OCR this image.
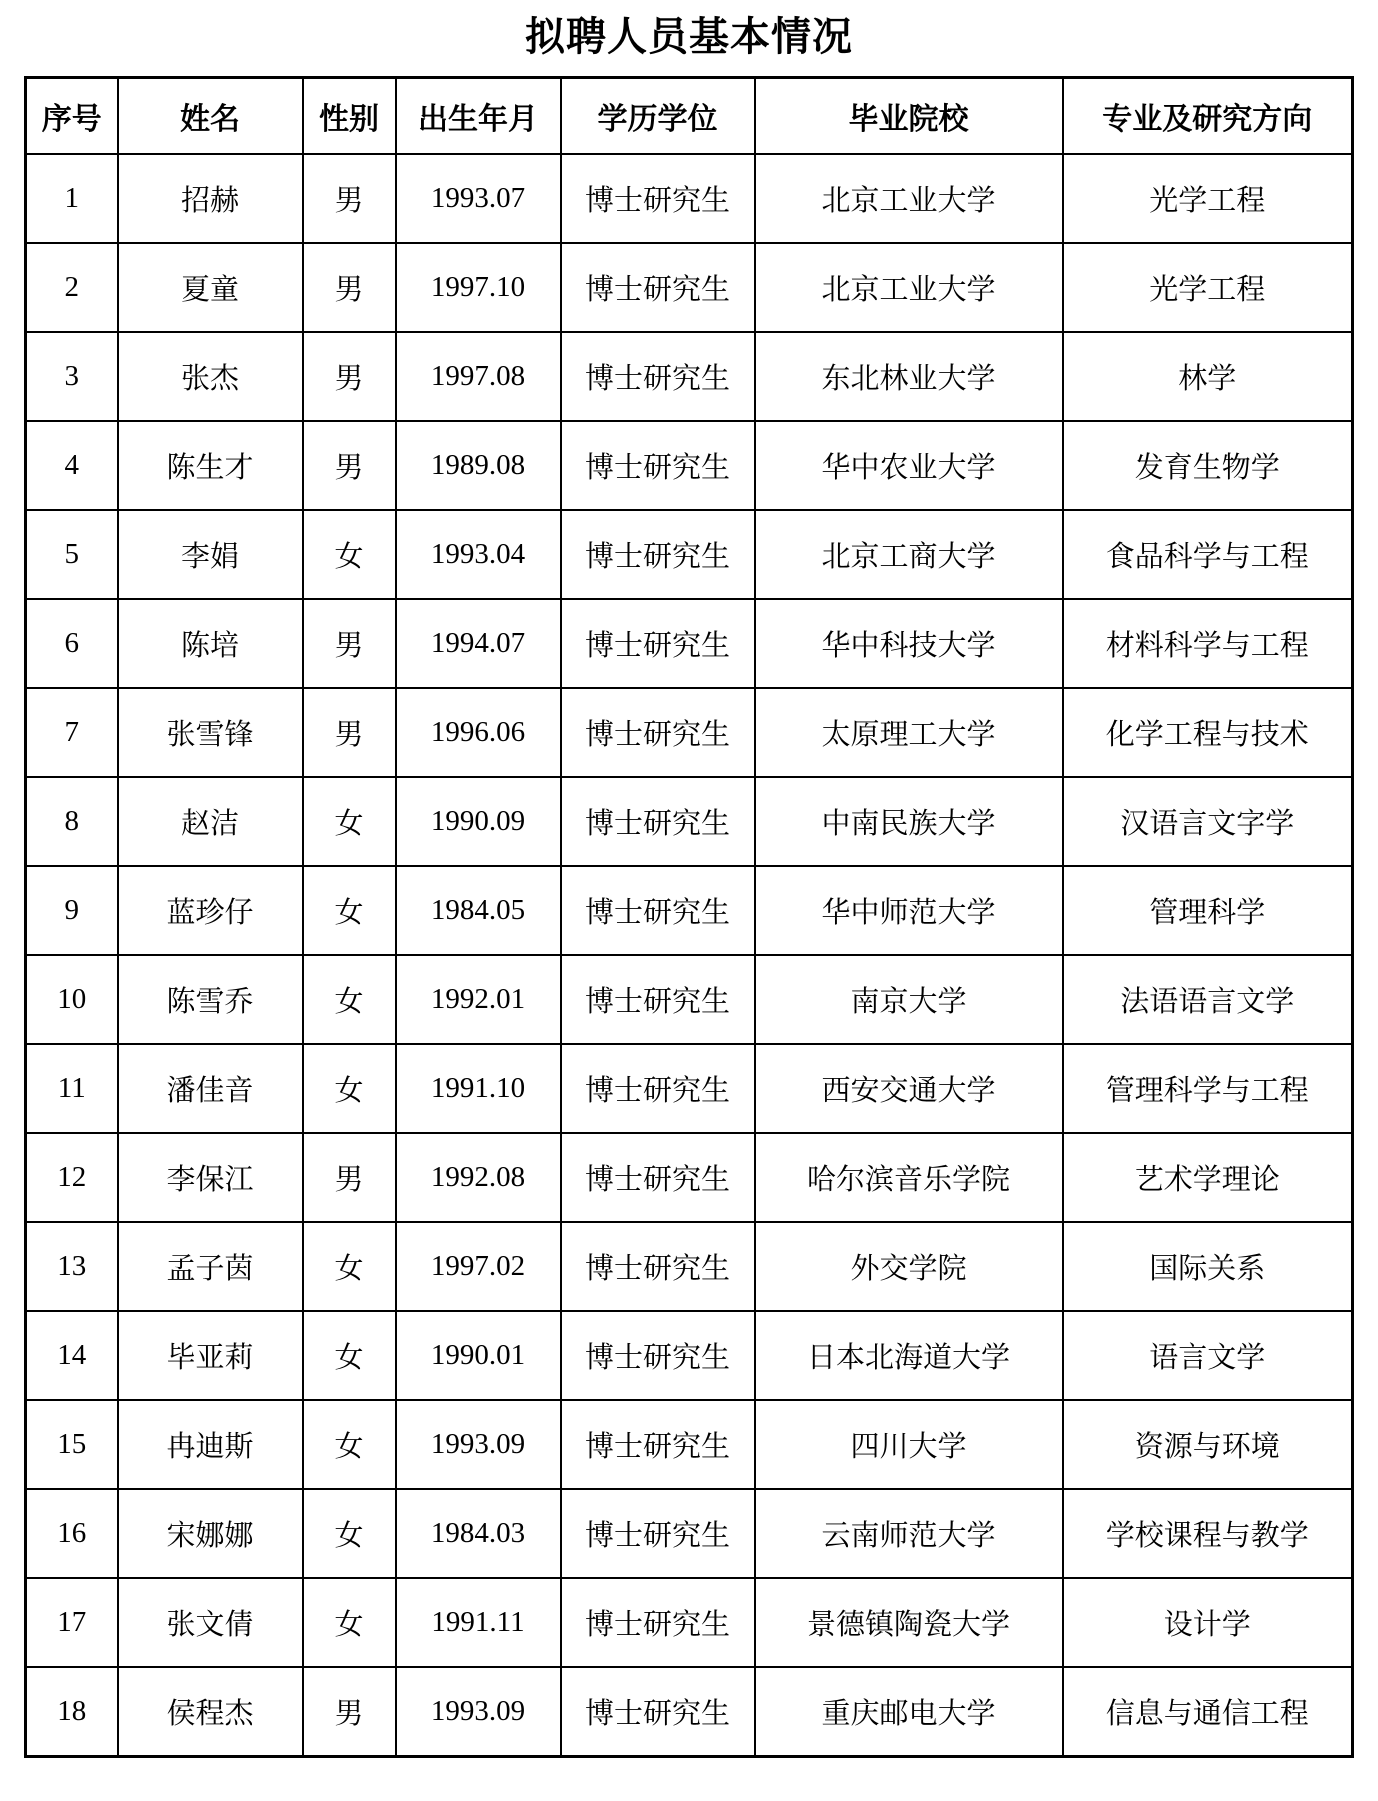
拟聘人员基本情况
序号	姓名	性别	出生年月	学历学位	毕业院校	专业及研究方向
1	招赫	男	1993.07	博士研究生	北京工业大学	光学工程
2	夏童	男	1997.10	博士研究生	北京工业大学	光学工程
3	张杰	男	1997.08	博士研究生	东北林业大学	林学
4	陈生才	男	1989.08	博士研究生	华中农业大学	发育生物学
5	李娟	女	1993.04	博士研究生	北京工商大学	食品科学与工程
6	陈培	男	1994.07	博士研究生	华中科技大学	材料科学与工程
7	张雪锋	男	1996.06	博士研究生	太原理工大学	化学工程与技术
8	赵洁	女	1990.09	博士研究生	中南民族大学	汉语言文字学
9	蓝珍仔	女	1984.05	博士研究生	华中师范大学	管理科学
10	陈雪乔	女	1992.01	博士研究生	南京大学	法语语言文学
11	潘佳音	女	1991.10	博士研究生	西安交通大学	管理科学与工程
12	李保江	男	1992.08	博士研究生	哈尔滨音乐学院	艺术学理论
13	孟子茵	女	1997.02	博士研究生	外交学院	国际关系
14	毕亚莉	女	1990.01	博士研究生	日本北海道大学	语言文学
15	冉迪斯	女	1993.09	博士研究生	四川大学	资源与环境
16	宋娜娜	女	1984.03	博士研究生	云南师范大学	学校课程与教学
17	张文倩	女	1991.11	博士研究生	景德镇陶瓷大学	设计学
18	侯程杰	男	1993.09	博士研究生	重庆邮电大学	信息与通信工程
